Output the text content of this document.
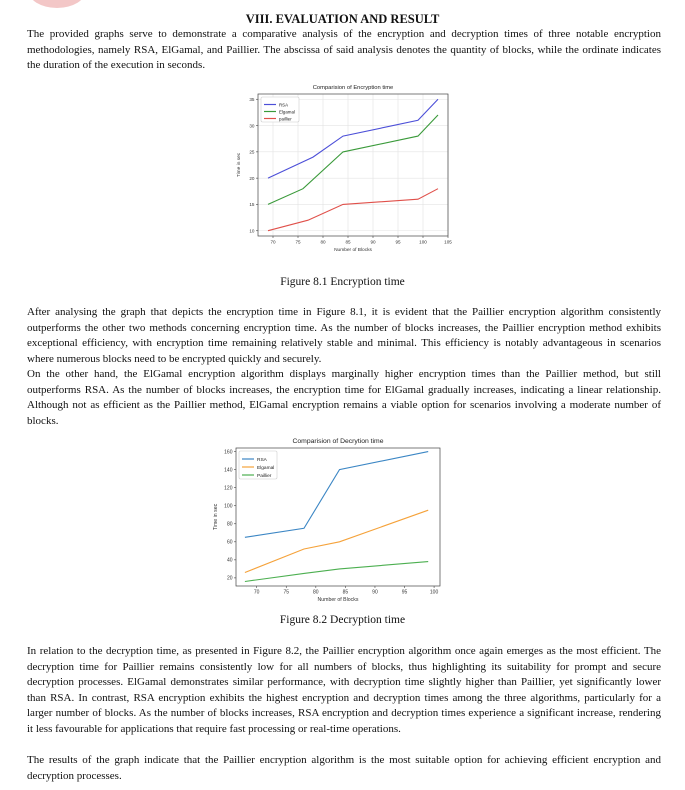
VIII. EVALUATION AND RESULT
The provided graphs serve to demonstrate a comparative analysis of the encryption and decryption times of three notable encryption methodologies, namely RSA, ElGamal, and Paillier. The abscissa of said analysis denotes the quantity of blocks, while the ordinate indicates the duration of the execution in seconds.
Comparision of Encryption time
70	75	80	85	90	95	100	105
10
15
20
25
30
35
Number of Blocks
Time in sec
RSA
Elgamal
paillier
Figure 8.1 Encryption time
After analysing the graph that depicts the encryption time in Figure 8.1, it is evident that the Paillier encryption algorithm consistently outperforms the other two methods concerning encryption time. As the number of blocks increases, the Paillier encryption method exhibits exceptional efficiency, with encryption time remaining relatively stable and minimal. This efficiency is notably advantageous in scenarios where numerous blocks need to be encrypted quickly and securely.
On the other hand, the ElGamal encryption algorithm displays marginally higher encryption times than the Paillier method, but still outperforms RSA. As the number of blocks increases, the encryption time for ElGamal gradually increases, indicating a linear relationship. Although not as efficient as the Paillier method, ElGamal encryption remains a viable option for scenarios involving a moderate number of blocks.
Comparision of Decrytion time
70	75	80	85	90	95	100
20
40
60
80
100
120
140
160
Number of Blocks
Time in sec
RSA
Elgamal
Paillier
Figure 8.2 Decryption time
In relation to the decryption time, as presented in Figure 8.2, the Paillier encryption algorithm once again emerges as the most efficient. The decryption time for Paillier remains consistently low for all numbers of blocks, thus highlighting its suitability for prompt and secure decryption processes. ElGamal demonstrates similar performance, with decryption time slightly higher than Paillier, yet significantly lower than RSA. In contrast, RSA encryption exhibits the highest encryption and decryption times among the three algorithms, particularly for a larger number of blocks. As the number of blocks increases, RSA encryption and decryption times experience a significant increase, rendering it less favourable for applications that require fast processing or real-time operations.
The results of the graph indicate that the Paillier encryption algorithm is the most suitable option for achieving efficient encryption and decryption processes.
